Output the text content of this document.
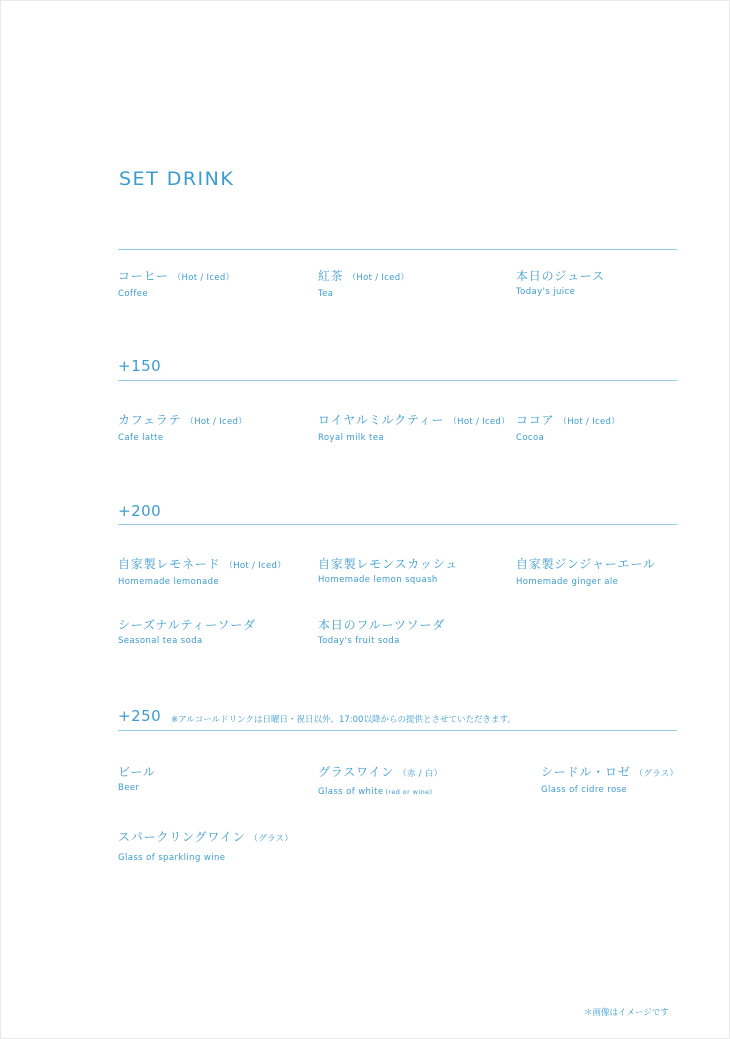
SET DRINK
コーヒー （Hot / Iced）
Coffee
紅茶 （Hot / Iced）
Tea
本日のジュース
Today's juice
+150
カフェラテ （Hot / Iced）
Cafe latte
ロイヤルミルクティー （Hot / Iced）
Royal milk tea
ココア （Hot / Iced）
Cocoa
+200
自家製レモネード （Hot / Iced）
Homemade lemonade
自家製レモンスカッシュ
Homemade lemon squash
自家製ジンジャーエール
Homemade ginger ale
シーズナルティーソーダ
Seasonal tea soda
本日のフルーツソーダ
Today's fruit soda
+250 ※アルコールドリンクは日曜日・祝日以外、17:00以降からの提供とさせていただきます。
ビール
Beer
グラスワイン （赤 / 白）
Glass of white (red or wine)
シードル・ロゼ （グラス）
Glass of cidre rose
スパークリングワイン （グラス）
Glass of sparkling wine
＊画像はイメージです
